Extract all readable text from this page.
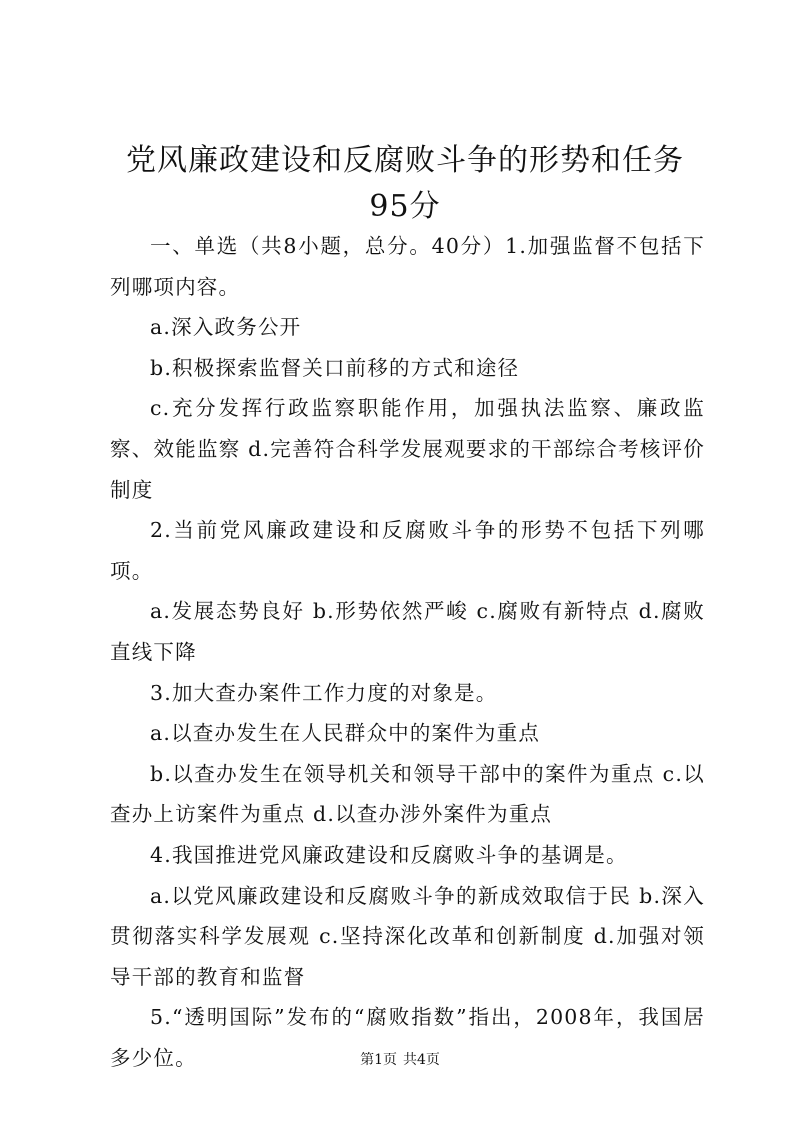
党风廉政建设和反腐败斗争的形势和任务95分

一、单选（共8小题，总分。40分）1.加强监督不包括下列哪项内容。

a.深入政务公开

b.积极探索监督关口前移的方式和途径

c.充分发挥行政监察职能作用，加强执法监察、廉政监察、效能监察 d.完善符合科学发展观要求的干部综合考核评价制度

2.当前党风廉政建设和反腐败斗争的形势不包括下列哪项。

a.发展态势良好 b.形势依然严峻 c.腐败有新特点 d.腐败直线下降

3.加大查办案件工作力度的对象是。

a.以查办发生在人民群众中的案件为重点

b.以查办发生在领导机关和领导干部中的案件为重点 c.以查办上访案件为重点 d.以查办涉外案件为重点

4.我国推进党风廉政建设和反腐败斗争的基调是。

a.以党风廉政建设和反腐败斗争的新成效取信于民 b.深入贯彻落实科学发展观 c.坚持深化改革和创新制度 d.加强对领导干部的教育和监督

5.“透明国际”发布的“腐败指数”指出，2008年，我国居多少位。	第1页 共4页
